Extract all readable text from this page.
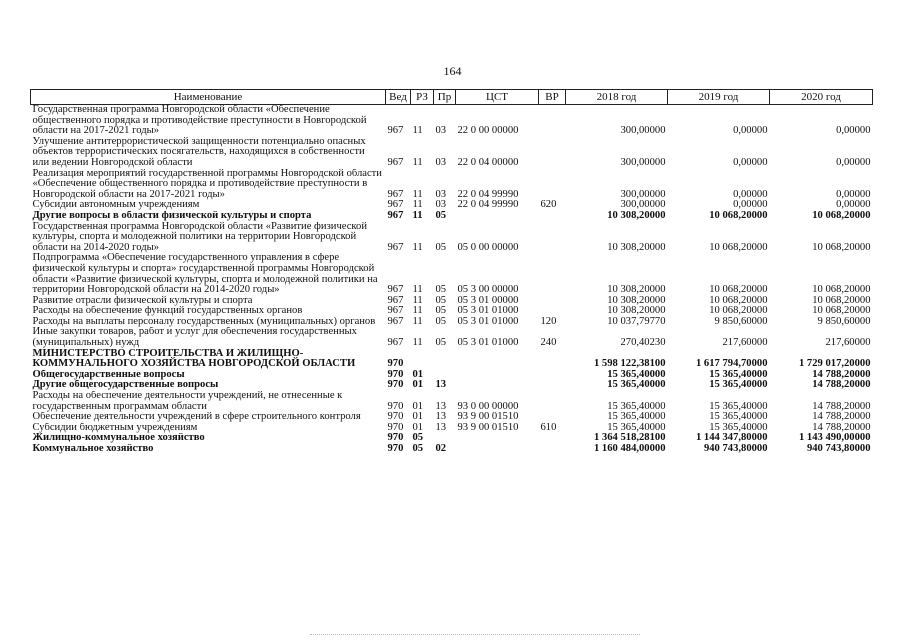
164
Наименование	Вед	РЗ	Пр	ЦСТ	ВР	2018 год	2019 год	2020 год
Государственная программа Новгородской области «Обеспечение общественного порядка и противодействие преступности в Новгородской области на 2017-2021 годы»	967	11	03	22 0 00 00000		300,00000	0,00000	0,00000
Улучшение антитеррористической защищенности потенциально опасных объектов террористических посягательств, находящихся в собственности или ведении Новгородской области	967	11	03	22 0 04 00000		300,00000	0,00000	0,00000
Реализация мероприятий государственной программы Новгородской области «Обеспечение общественного порядка и противодействие преступности в Новгородской области на 2017-2021 годы»	967	11	03	22 0 04 99990		300,00000	0,00000	0,00000
Субсидии автономным учреждениям	967	11	03	22 0 04 99990	620	300,00000	0,00000	0,00000
Другие вопросы в области физической культуры и спорта	967	11	05			10 308,20000	10 068,20000	10 068,20000
Государственная программа Новгородской области «Развитие физической культуры, спорта и молодежной политики на территории Новгородской области на 2014-2020 годы»	967	11	05	05 0 00 00000		10 308,20000	10 068,20000	10 068,20000
Подпрограмма «Обеспечение государственного управления в сфере физической культуры и спорта» государственной программы Новгородской области «Развитие физической культуры, спорта и молодежной политики на территории Новгородской области на 2014-2020 годы»	967	11	05	05 3 00 00000		10 308,20000	10 068,20000	10 068,20000
Развитие отрасли физической культуры и спорта	967	11	05	05 3 01 00000		10 308,20000	10 068,20000	10 068,20000
Расходы на обеспечение функций государственных органов	967	11	05	05 3 01 01000		10 308,20000	10 068,20000	10 068,20000
Расходы на выплаты персоналу государственных (муниципальных) органов	967	11	05	05 3 01 01000	120	10 037,79770	9 850,60000	9 850,60000
Иные закупки товаров, работ и услуг для обеспечения государственных (муниципальных) нужд	967	11	05	05 3 01 01000	240	270,40230	217,60000	217,60000
МИНИСТЕРСТВО СТРОИТЕЛЬСТВА И ЖИЛИЩНО-КОММУНАЛЬНОГО ХОЗЯЙСТВА НОВГОРОДСКОЙ ОБЛАСТИ	970					1 598 122,38100	1 617 794,70000	1 729 017,20000
Общегосударственные вопросы	970	01				15 365,40000	15 365,40000	14 788,20000
Другие общегосударственные вопросы	970	01	13			15 365,40000	15 365,40000	14 788,20000
Расходы на обеспечение деятельности учреждений, не отнесенные к государственным программам области	970	01	13	93 0 00 00000		15 365,40000	15 365,40000	14 788,20000
Обеспечение деятельности учреждений в сфере строительного контроля	970	01	13	93 9 00 01510		15 365,40000	15 365,40000	14 788,20000
Субсидии бюджетным учреждениям	970	01	13	93 9 00 01510	610	15 365,40000	15 365,40000	14 788,20000
Жилищно-коммунальное хозяйство	970	05				1 364 518,28100	1 144 347,80000	1 143 490,00000
Коммунальное хозяйство	970	05	02			1 160 484,00000	940 743,80000	940 743,80000
